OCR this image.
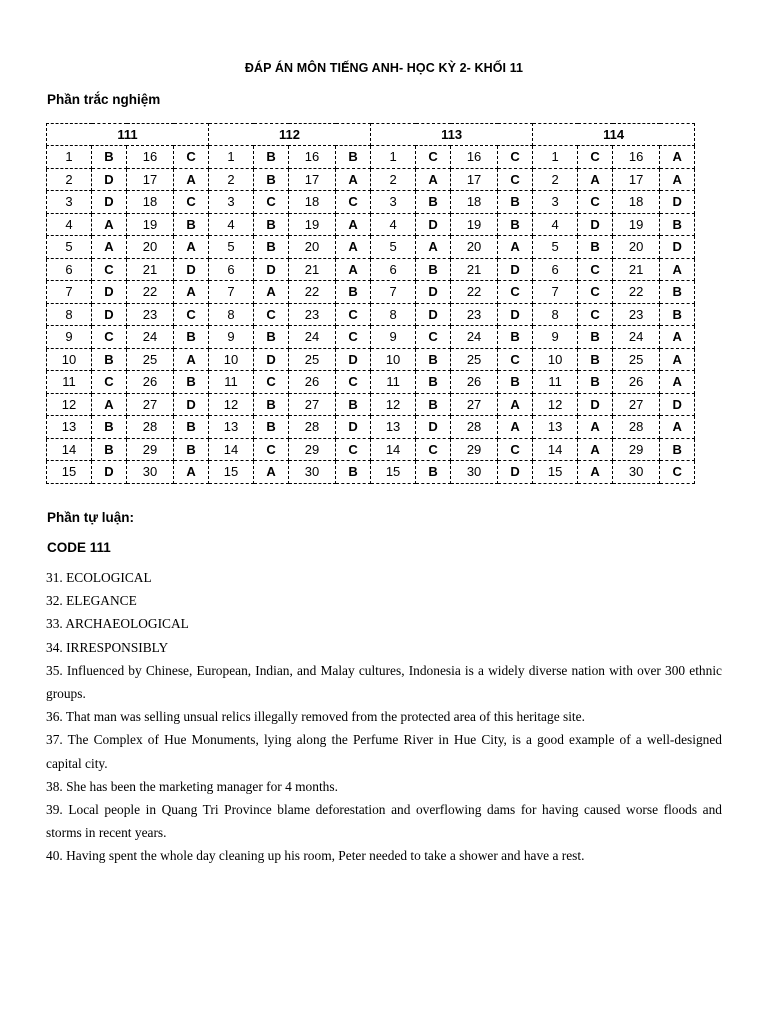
ĐÁP ÁN MÔN TIẾNG ANH- HỌC KỲ 2- KHỐI 11
Phần trắc nghiệm
111				112				113				114			
1	B	16	C	1	B	16	B	1	C	16	C	1	C	16	A
2	D	17	A	2	B	17	A	2	A	17	C	2	A	17	A
3	D	18	C	3	C	18	C	3	B	18	B	3	C	18	D
4	A	19	B	4	B	19	A	4	D	19	B	4	D	19	B
5	A	20	A	5	B	20	A	5	A	20	A	5	B	20	D
6	C	21	D	6	D	21	A	6	B	21	D	6	C	21	A
7	D	22	A	7	A	22	B	7	D	22	C	7	C	22	B
8	D	23	C	8	C	23	C	8	D	23	D	8	C	23	B
9	C	24	B	9	B	24	C	9	C	24	B	9	B	24	A
10	B	25	A	10	D	25	D	10	B	25	C	10	B	25	A
11	C	26	B	11	C	26	C	11	B	26	B	11	B	26	A
12	A	27	D	12	B	27	B	12	B	27	A	12	D	27	D
13	B	28	B	13	B	28	D	13	D	28	A	13	A	28	A
14	B	29	B	14	C	29	C	14	C	29	C	14	A	29	B
15	D	30	A	15	A	30	B	15	B	30	D	15	A	30	C
Phần tự luận:
CODE 111

31. ECOLOGICAL

32. ELEGANCE

33. ARCHAEOLOGICAL

34. IRRESPONSIBLY

35. Influenced by Chinese, European, Indian, and Malay cultures, Indonesia is a widely diverse nation with over 300 ethnic groups.

36. That man was selling unsual relics illegally removed from the protected area of this heritage site.

37. The Complex of Hue Monuments, lying along the Perfume River in Hue City, is a good example of a well-designed capital city.

38. She has been the marketing manager for 4 months.

39. Local people in Quang Tri Province blame deforestation and overflowing dams for having caused worse floods and storms in recent years.

40. Having spent the whole day cleaning up his room, Peter needed to take a shower and have a rest.
